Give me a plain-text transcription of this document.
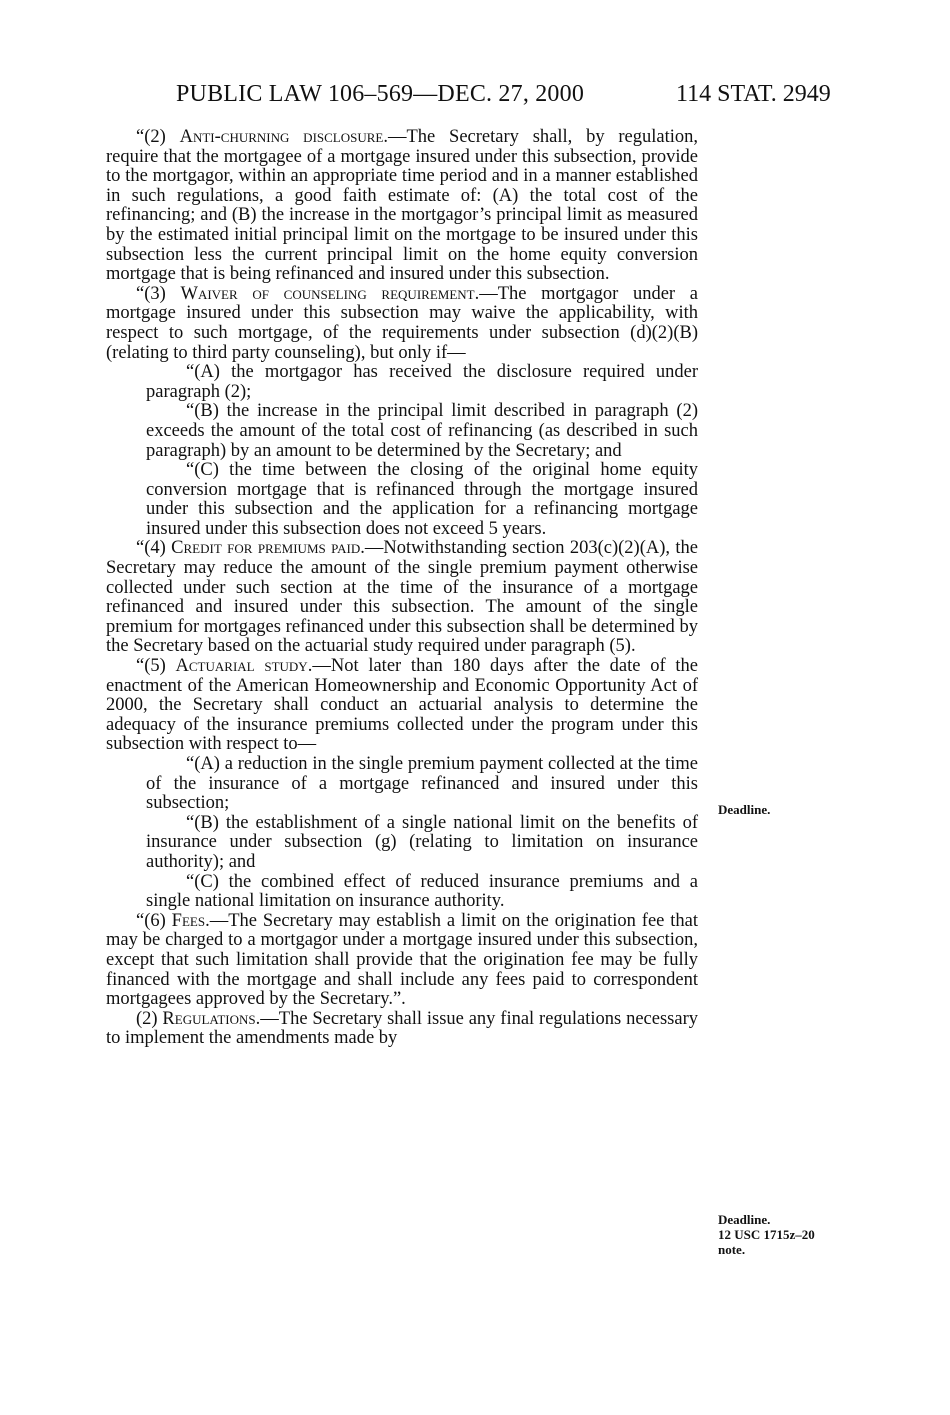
PUBLIC LAW 106–569—DEC. 27, 2000	114 STAT. 2949

“(2) Anti-churning disclosure.—The Secretary shall, by regulation, require that the mortgagee of a mortgage insured under this subsection, provide to the mortgagor, within an appropriate time period and in a manner established in such regulations, a good faith estimate of: (A) the total cost of the refinancing; and (B) the increase in the mortgagor’s principal limit as measured by the estimated initial principal limit on the mortgage to be insured under this subsection less the current principal limit on the home equity conversion mortgage that is being refinanced and insured under this subsection.

“(3) Waiver of counseling requirement.—The mortgagor under a mortgage insured under this subsection may waive the applicability, with respect to such mortgage, of the requirements under subsection (d)(2)(B) (relating to third party counseling), but only if—

“(A) the mortgagor has received the disclosure required under paragraph (2);

“(B) the increase in the principal limit described in paragraph (2) exceeds the amount of the total cost of refinancing (as described in such paragraph) by an amount to be determined by the Secretary; and

“(C) the time between the closing of the original home equity conversion mortgage that is refinanced through the mortgage insured under this subsection and the application for a refinancing mortgage insured under this subsection does not exceed 5 years.

“(4) Credit for premiums paid.—Notwithstanding section 203(c)(2)(A), the Secretary may reduce the amount of the single premium payment otherwise collected under such section at the time of the insurance of a mortgage refinanced and insured under this subsection. The amount of the single premium for mortgages refinanced under this subsection shall be determined by the Secretary based on the actuarial study required under paragraph (5).

“(5) Actuarial study.—Not later than 180 days after the date of the enactment of the American Homeownership and Economic Opportunity Act of 2000, the Secretary shall conduct an actuarial analysis to determine the adequacy of the insurance premiums collected under the program under this subsection with respect to—

“(A) a reduction in the single premium payment collected at the time of the insurance of a mortgage refinanced and insured under this subsection;

“(B) the establishment of a single national limit on the benefits of insurance under subsection (g) (relating to limitation on insurance authority); and

“(C) the combined effect of reduced insurance premiums and a single national limitation on insurance authority.

“(6) Fees.—The Secretary may establish a limit on the origination fee that may be charged to a mortgagor under a mortgage insured under this subsection, except that such limitation shall provide that the origination fee may be fully financed with the mortgage and shall include any fees paid to correspondent mortgagees approved by the Secretary.”.

(2) Regulations.—The Secretary shall issue any final regulations necessary to implement the amendments made by

Deadline.
Deadline.
12 USC 1715z–20
note.
